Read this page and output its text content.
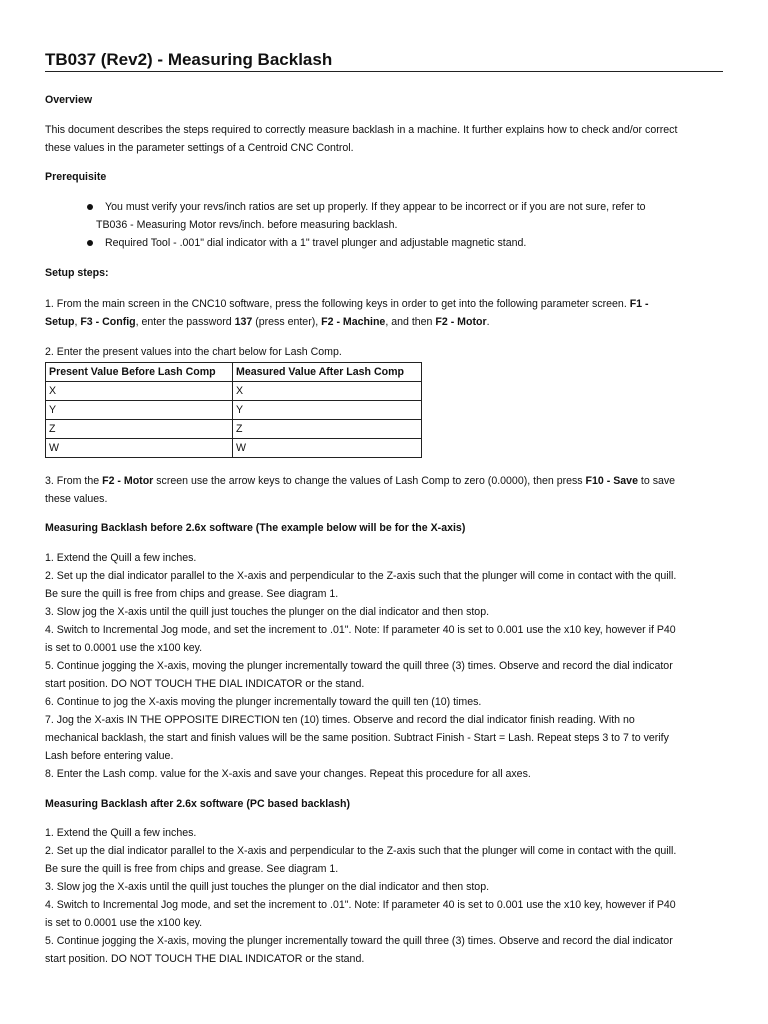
TB037 (Rev2) - Measuring Backlash
Overview
This document describes the steps required to correctly measure backlash in a machine. It further explains how to check and/or correct
these values in the parameter settings of a Centroid CNC Control.
Prerequisite
You must verify your revs/inch ratios are set up properly. If they appear to be incorrect or if you are not sure, refer to
TB036 - Measuring Motor revs/inch. before measuring backlash.
Required Tool - .001" dial indicator with a 1" travel plunger and adjustable magnetic stand.
Setup steps:
1. From the main screen in the CNC10 software, press the following keys in order to get into the following parameter screen. F1 -
Setup, F3 - Config, enter the password 137 (press enter), F2 - Machine, and then F2 - Motor.
2. Enter the present values into the chart below for Lash Comp.
Present Value Before Lash Comp	Measured Value After Lash Comp
X	X
Y	Y
Z	Z
W	W
3. From the F2 - Motor screen use the arrow keys to change the values of Lash Comp to zero (0.0000), then press F10 - Save to save
these values.
Measuring Backlash before 2.6x software (The example below will be for the X-axis)
1. Extend the Quill a few inches.
2. Set up the dial indicator parallel to the X-axis and perpendicular to the Z-axis such that the plunger will come in contact with the quill.
Be sure the quill is free from chips and grease. See diagram 1.
3. Slow jog the X-axis until the quill just touches the plunger on the dial indicator and then stop.
4. Switch to Incremental Jog mode, and set the increment to .01". Note: If parameter 40 is set to 0.001 use the x10 key, however if P40
is set to 0.0001 use the x100 key.
5. Continue jogging the X-axis, moving the plunger incrementally toward the quill three (3) times. Observe and record the dial indicator
start position. DO NOT TOUCH THE DIAL INDICATOR or the stand.
6. Continue to jog the X-axis moving the plunger incrementally toward the quill ten (10) times.
7. Jog the X-axis IN THE OPPOSITE DIRECTION ten (10) times. Observe and record the dial indicator finish reading. With no
mechanical backlash, the start and finish values will be the same position. Subtract Finish - Start = Lash. Repeat steps 3 to 7 to verify
Lash before entering value.
8. Enter the Lash comp. value for the X-axis and save your changes. Repeat this procedure for all axes.
Measuring Backlash after 2.6x software (PC based backlash)
1. Extend the Quill a few inches.
2. Set up the dial indicator parallel to the X-axis and perpendicular to the Z-axis such that the plunger will come in contact with the quill.
Be sure the quill is free from chips and grease. See diagram 1.
3. Slow jog the X-axis until the quill just touches the plunger on the dial indicator and then stop.
4. Switch to Incremental Jog mode, and set the increment to .01". Note: If parameter 40 is set to 0.001 use the x10 key, however if P40
is set to 0.0001 use the x100 key.
5. Continue jogging the X-axis, moving the plunger incrementally toward the quill three (3) times. Observe and record the dial indicator
start position. DO NOT TOUCH THE DIAL INDICATOR or the stand.
